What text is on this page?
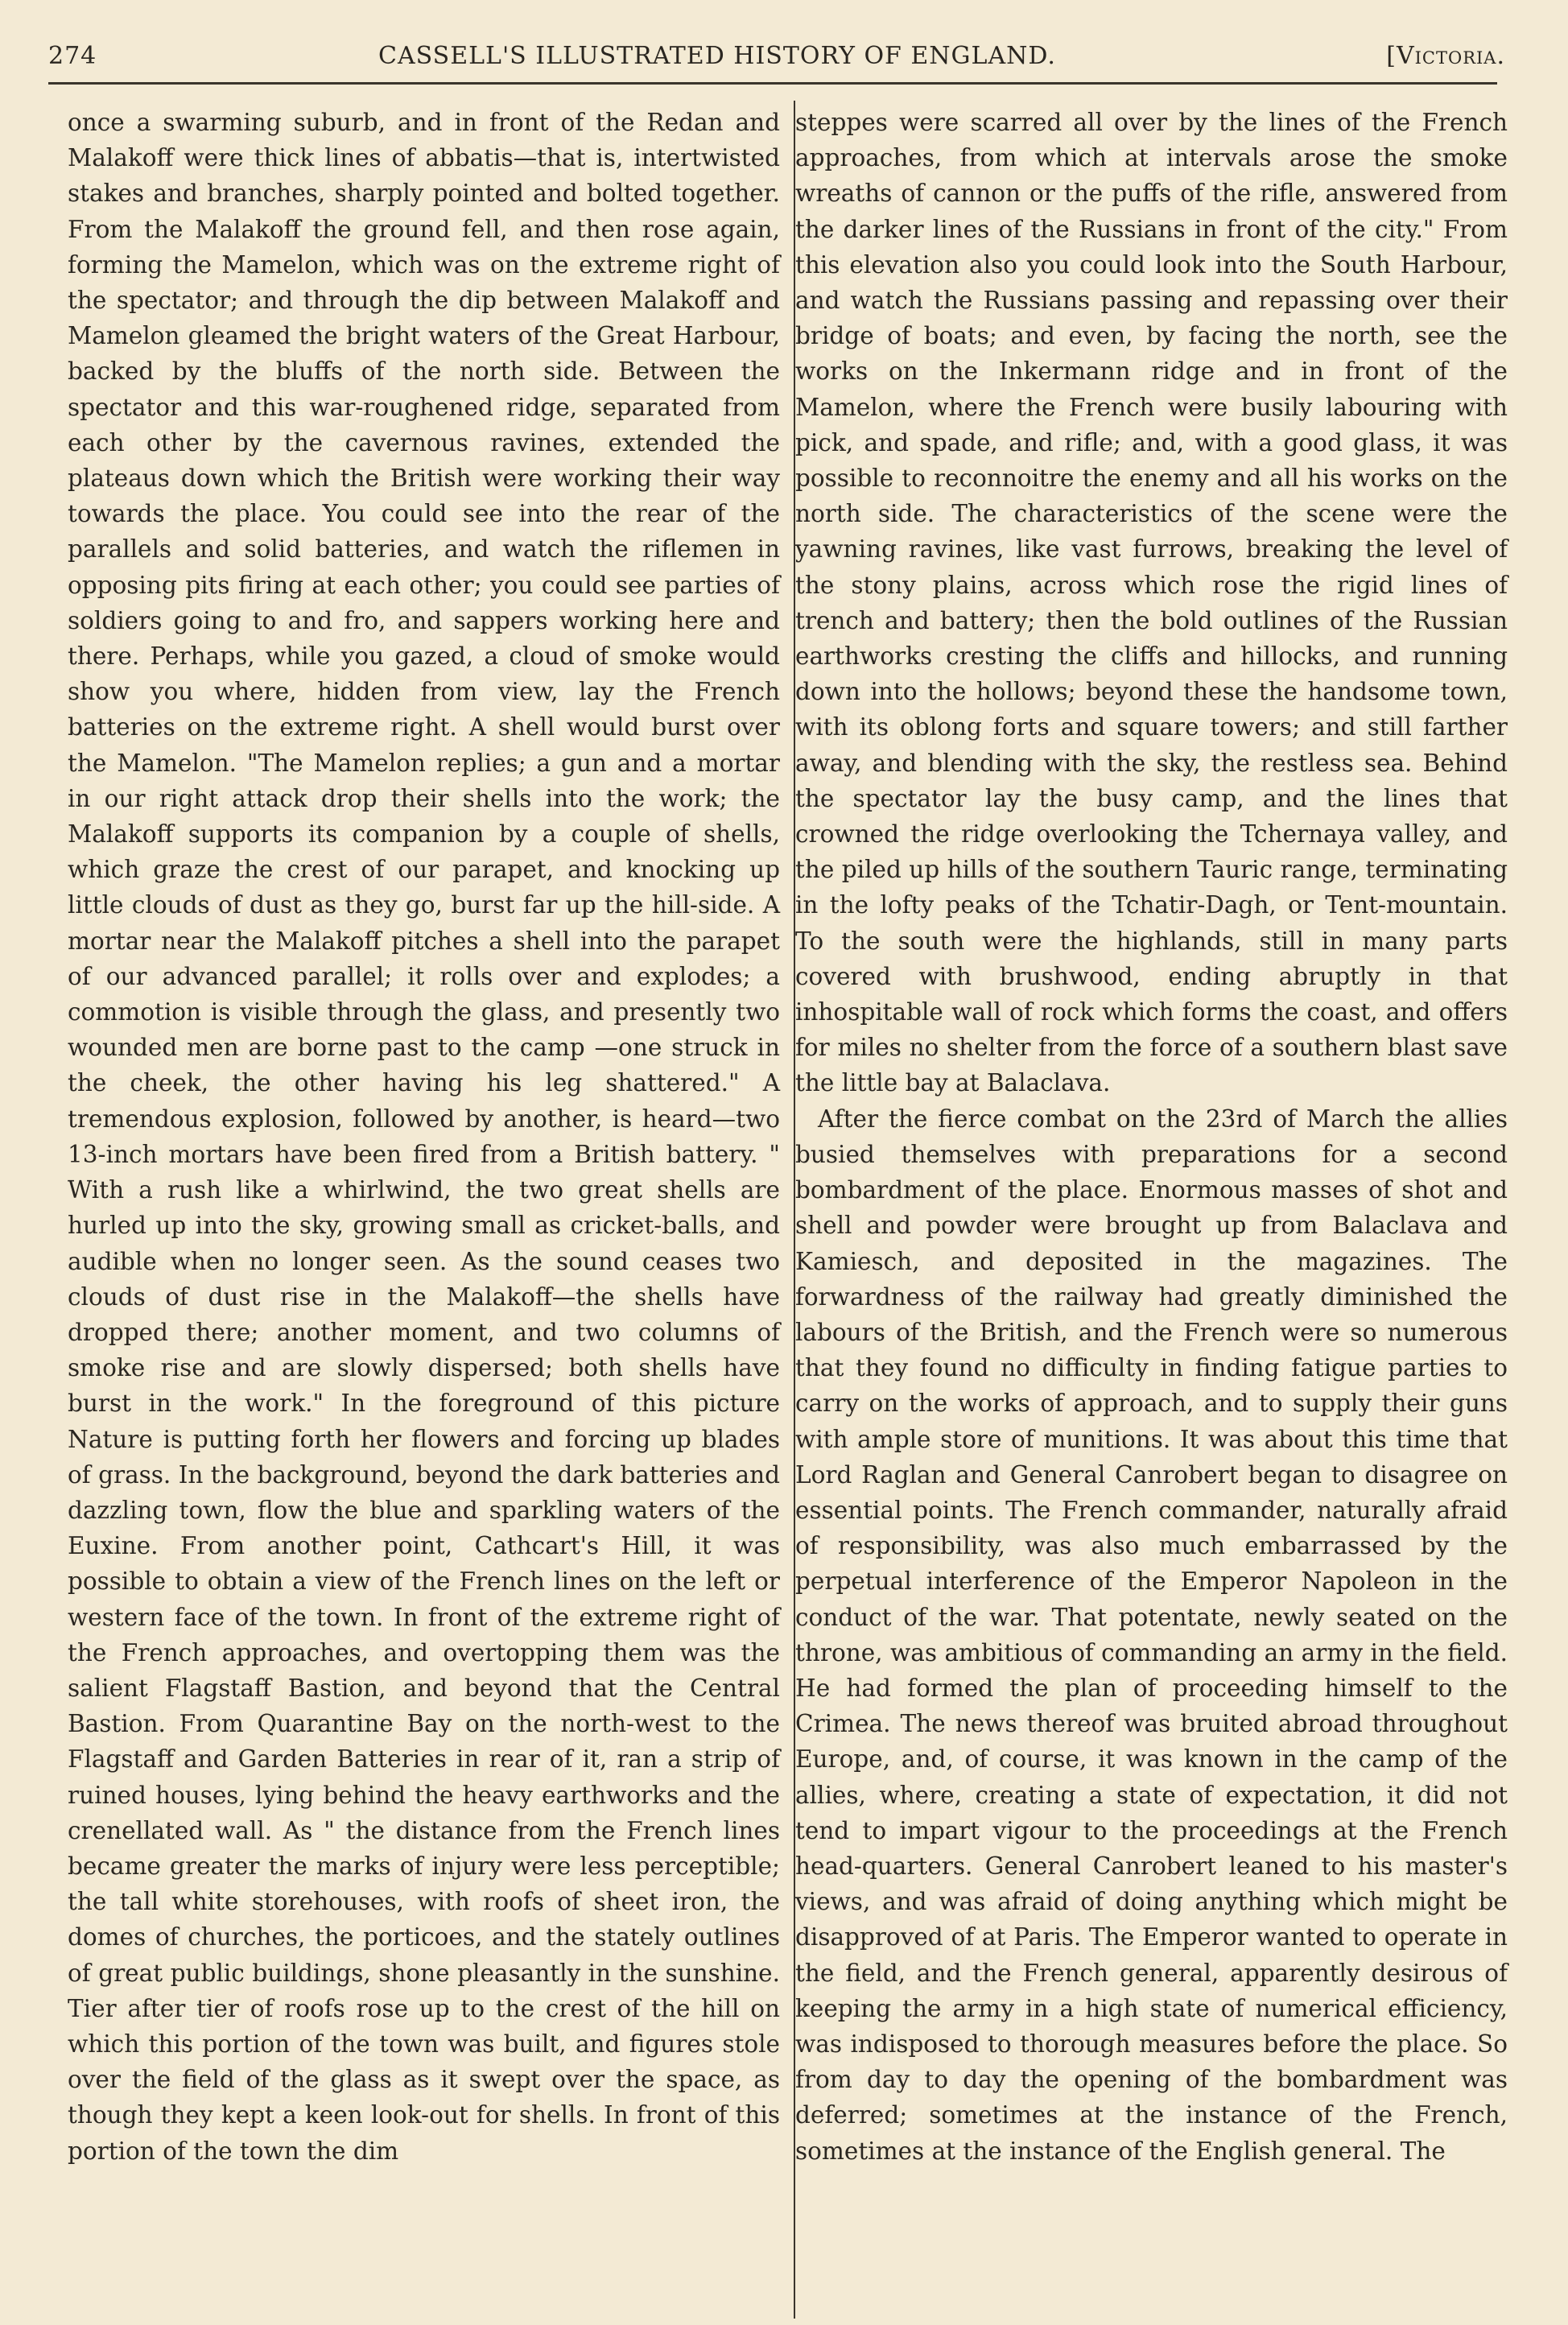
274	CASSELL'S ILLUSTRATED HISTORY OF ENGLAND.	[Victoria.

once a swarming suburb, and in front of the Redan and Malakoff were thick lines of abbatis—that is, intertwisted stakes and branches, sharply pointed and bolted together. From the Malakoff the ground fell, and then rose again, forming the Mamelon, which was on the extreme right of the spectator; and through the dip between Malakoff and Mamelon gleamed the bright waters of the Great Harbour, backed by the bluffs of the north side. Between the spectator and this war-roughened ridge, separated from each other by the cavernous ravines, extended the plateaus down which the British were working their way towards the place. You could see into the rear of the parallels and solid batteries, and watch the riflemen in opposing pits firing at each other; you could see parties of soldiers going to and fro, and sappers working here and there. Perhaps, while you gazed, a cloud of smoke would show you where, hidden from view, lay the French batteries on the extreme right. A shell would burst over the Mamelon. "The Mamelon replies; a gun and a mortar in our right attack drop their shells into the work; the Malakoff supports its companion by a couple of shells, which graze the crest of our parapet, and knocking up little clouds of dust as they go, burst far up the hill-side. A mortar near the Malakoff pitches a shell into the parapet of our advanced parallel; it rolls over and explodes; a commotion is visible through the glass, and presently two wounded men are borne past to the camp —one struck in the cheek, the other having his leg shattered." A tremendous explosion, followed by another, is heard—two 13-inch mortars have been fired from a British battery. " With a rush like a whirlwind, the two great shells are hurled up into the sky, growing small as cricket-balls, and audible when no longer seen. As the sound ceases two clouds of dust rise in the Malakoff—the shells have dropped there; another moment, and two columns of smoke rise and are slowly dispersed; both shells have burst in the work." In the foreground of this picture Nature is putting forth her flowers and forcing up blades of grass. In the background, beyond the dark batteries and dazzling town, flow the blue and sparkling waters of the Euxine. From another point, Cathcart's Hill, it was possible to obtain a view of the French lines on the left or western face of the town. In front of the extreme right of the French approaches, and overtopping them was the salient Flagstaff Bastion, and beyond that the Central Bastion. From Quarantine Bay on the north-west to the Flagstaff and Garden Batteries in rear of it, ran a strip of ruined houses, lying behind the heavy earthworks and the crenellated wall. As " the distance from the French lines became greater the marks of injury were less perceptible; the tall white storehouses, with roofs of sheet iron, the domes of churches, the porticoes, and the stately outlines of great public buildings, shone pleasantly in the sunshine. Tier after tier of roofs rose up to the crest of the hill on which this portion of the town was built, and figures stole over the field of the glass as it swept over the space, as though they kept a keen look-out for shells. In front of this portion of the town the dim

steppes were scarred all over by the lines of the French approaches, from which at intervals arose the smoke wreaths of cannon or the puffs of the rifle, answered from the darker lines of the Russians in front of the city." From this elevation also you could look into the South Harbour, and watch the Russians passing and repassing over their bridge of boats; and even, by facing the north, see the works on the Inkermann ridge and in front of the Mamelon, where the French were busily labouring with pick, and spade, and rifle; and, with a good glass, it was possible to reconnoitre the enemy and all his works on the north side. The characteristics of the scene were the yawning ravines, like vast furrows, breaking the level of the stony plains, across which rose the rigid lines of trench and battery; then the bold outlines of the Russian earthworks cresting the cliffs and hillocks, and running down into the hollows; beyond these the handsome town, with its oblong forts and square towers; and still farther away, and blending with the sky, the restless sea. Behind the spectator lay the busy camp, and the lines that crowned the ridge overlooking the Tchernaya valley, and the piled up hills of the southern Tauric range, terminating in the lofty peaks of the Tchatir-Dagh, or Tent-mountain. To the south were the highlands, still in many parts covered with brushwood, ending abruptly in that inhospitable wall of rock which forms the coast, and offers for miles no shelter from the force of a southern blast save the little bay at Balaclava.

After the fierce combat on the 23rd of March the allies busied themselves with preparations for a second bombardment of the place. Enormous masses of shot and shell and powder were brought up from Balaclava and Kamiesch, and deposited in the magazines. The forwardness of the railway had greatly diminished the labours of the British, and the French were so numerous that they found no difficulty in finding fatigue parties to carry on the works of approach, and to supply their guns with ample store of munitions. It was about this time that Lord Raglan and General Canrobert began to disagree on essential points. The French commander, naturally afraid of responsibility, was also much embarrassed by the perpetual interference of the Emperor Napoleon in the conduct of the war. That potentate, newly seated on the throne, was ambitious of commanding an army in the field. He had formed the plan of proceeding himself to the Crimea. The news thereof was bruited abroad throughout Europe, and, of course, it was known in the camp of the allies, where, creating a state of expectation, it did not tend to impart vigour to the proceedings at the French head-quarters. General Canrobert leaned to his master's views, and was afraid of doing anything which might be disapproved of at Paris. The Emperor wanted to operate in the field, and the French general, apparently desirous of keeping the army in a high state of numerical efficiency, was indisposed to thorough measures before the place. So from day to day the opening of the bombardment was deferred; sometimes at the instance of the French, sometimes at the instance of the English general. The
